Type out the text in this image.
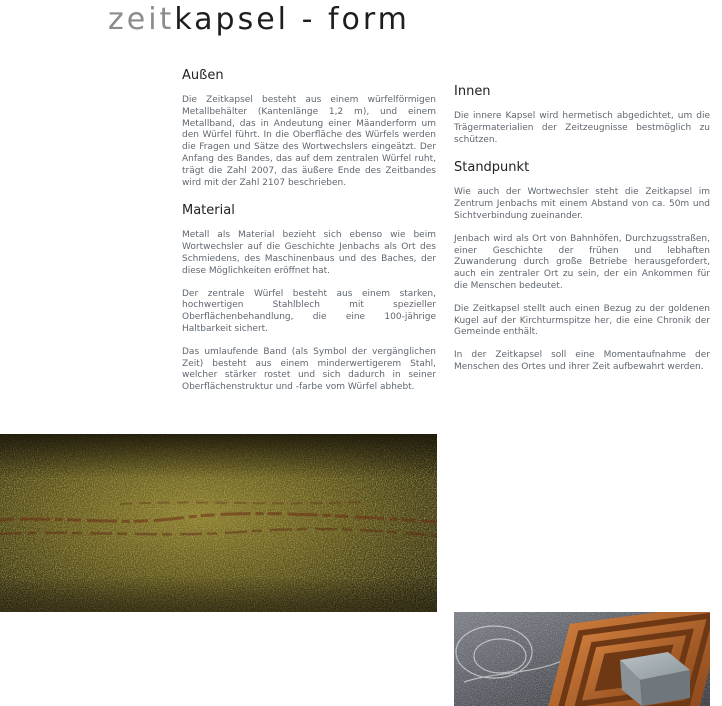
zeitkapsel - form
Außen

Die Zeitkapsel besteht aus einem würfelförmigen Metallbehälter (Kantenlänge 1,2 m), und einem Metallband, das in Andeutung einer Mäanderform um den Würfel führt. In die Oberfläche des Würfels werden die Fragen und Sätze des Wortwechslers eingeätzt. Der Anfang des Bandes, das auf dem zentralen Würfel ruht, trägt die Zahl 2007, das äußere Ende des Zeitbandes wird mit der Zahl 2107 beschrieben.

Material

Metall als Material bezieht sich ebenso wie beim Wortwechsler auf die Geschichte Jenbachs als Ort des Schmiedens, des Maschinenbaus und des Baches, der diese Möglichkeiten eröffnet hat.

Der zentrale Würfel besteht aus einem starken, hochwertigen Stahlblech mit spezieller Oberflächenbehandlung, die eine 100-jährige Haltbarkeit sichert.

Das umlaufende Band (als Symbol der vergänglichen Zeit) besteht aus einem minderwertigerem Stahl, welcher stärker rostet und sich dadurch in seiner Oberflächenstruktur und -farbe vom Würfel abhebt.

Innen

Die innere Kapsel wird hermetisch abgedichtet, um die Trägermaterialien der Zeitzeugnisse bestmöglich zu schützen.

Standpunkt

Wie auch der Wortwechsler steht die Zeitkapsel im Zentrum Jenbachs mit einem Abstand von ca. 50m und Sichtverbindung zueinander.

Jenbach wird als Ort von Bahnhöfen, Durchzugsstraßen, einer Geschichte der frühen und lebhaften Zuwanderung durch große Betriebe herausgefordert, auch ein zentraler Ort zu sein, der ein Ankommen für die Menschen bedeutet.

Die Zeitkapsel stellt auch einen Bezug zu der goldenen Kugel auf der Kirchturmspitze her, die eine Chronik der Gemeinde enthält.

In der Zeitkapsel soll eine Momentaufnahme der Menschen des Ortes und ihrer Zeit aufbewahrt werden.
